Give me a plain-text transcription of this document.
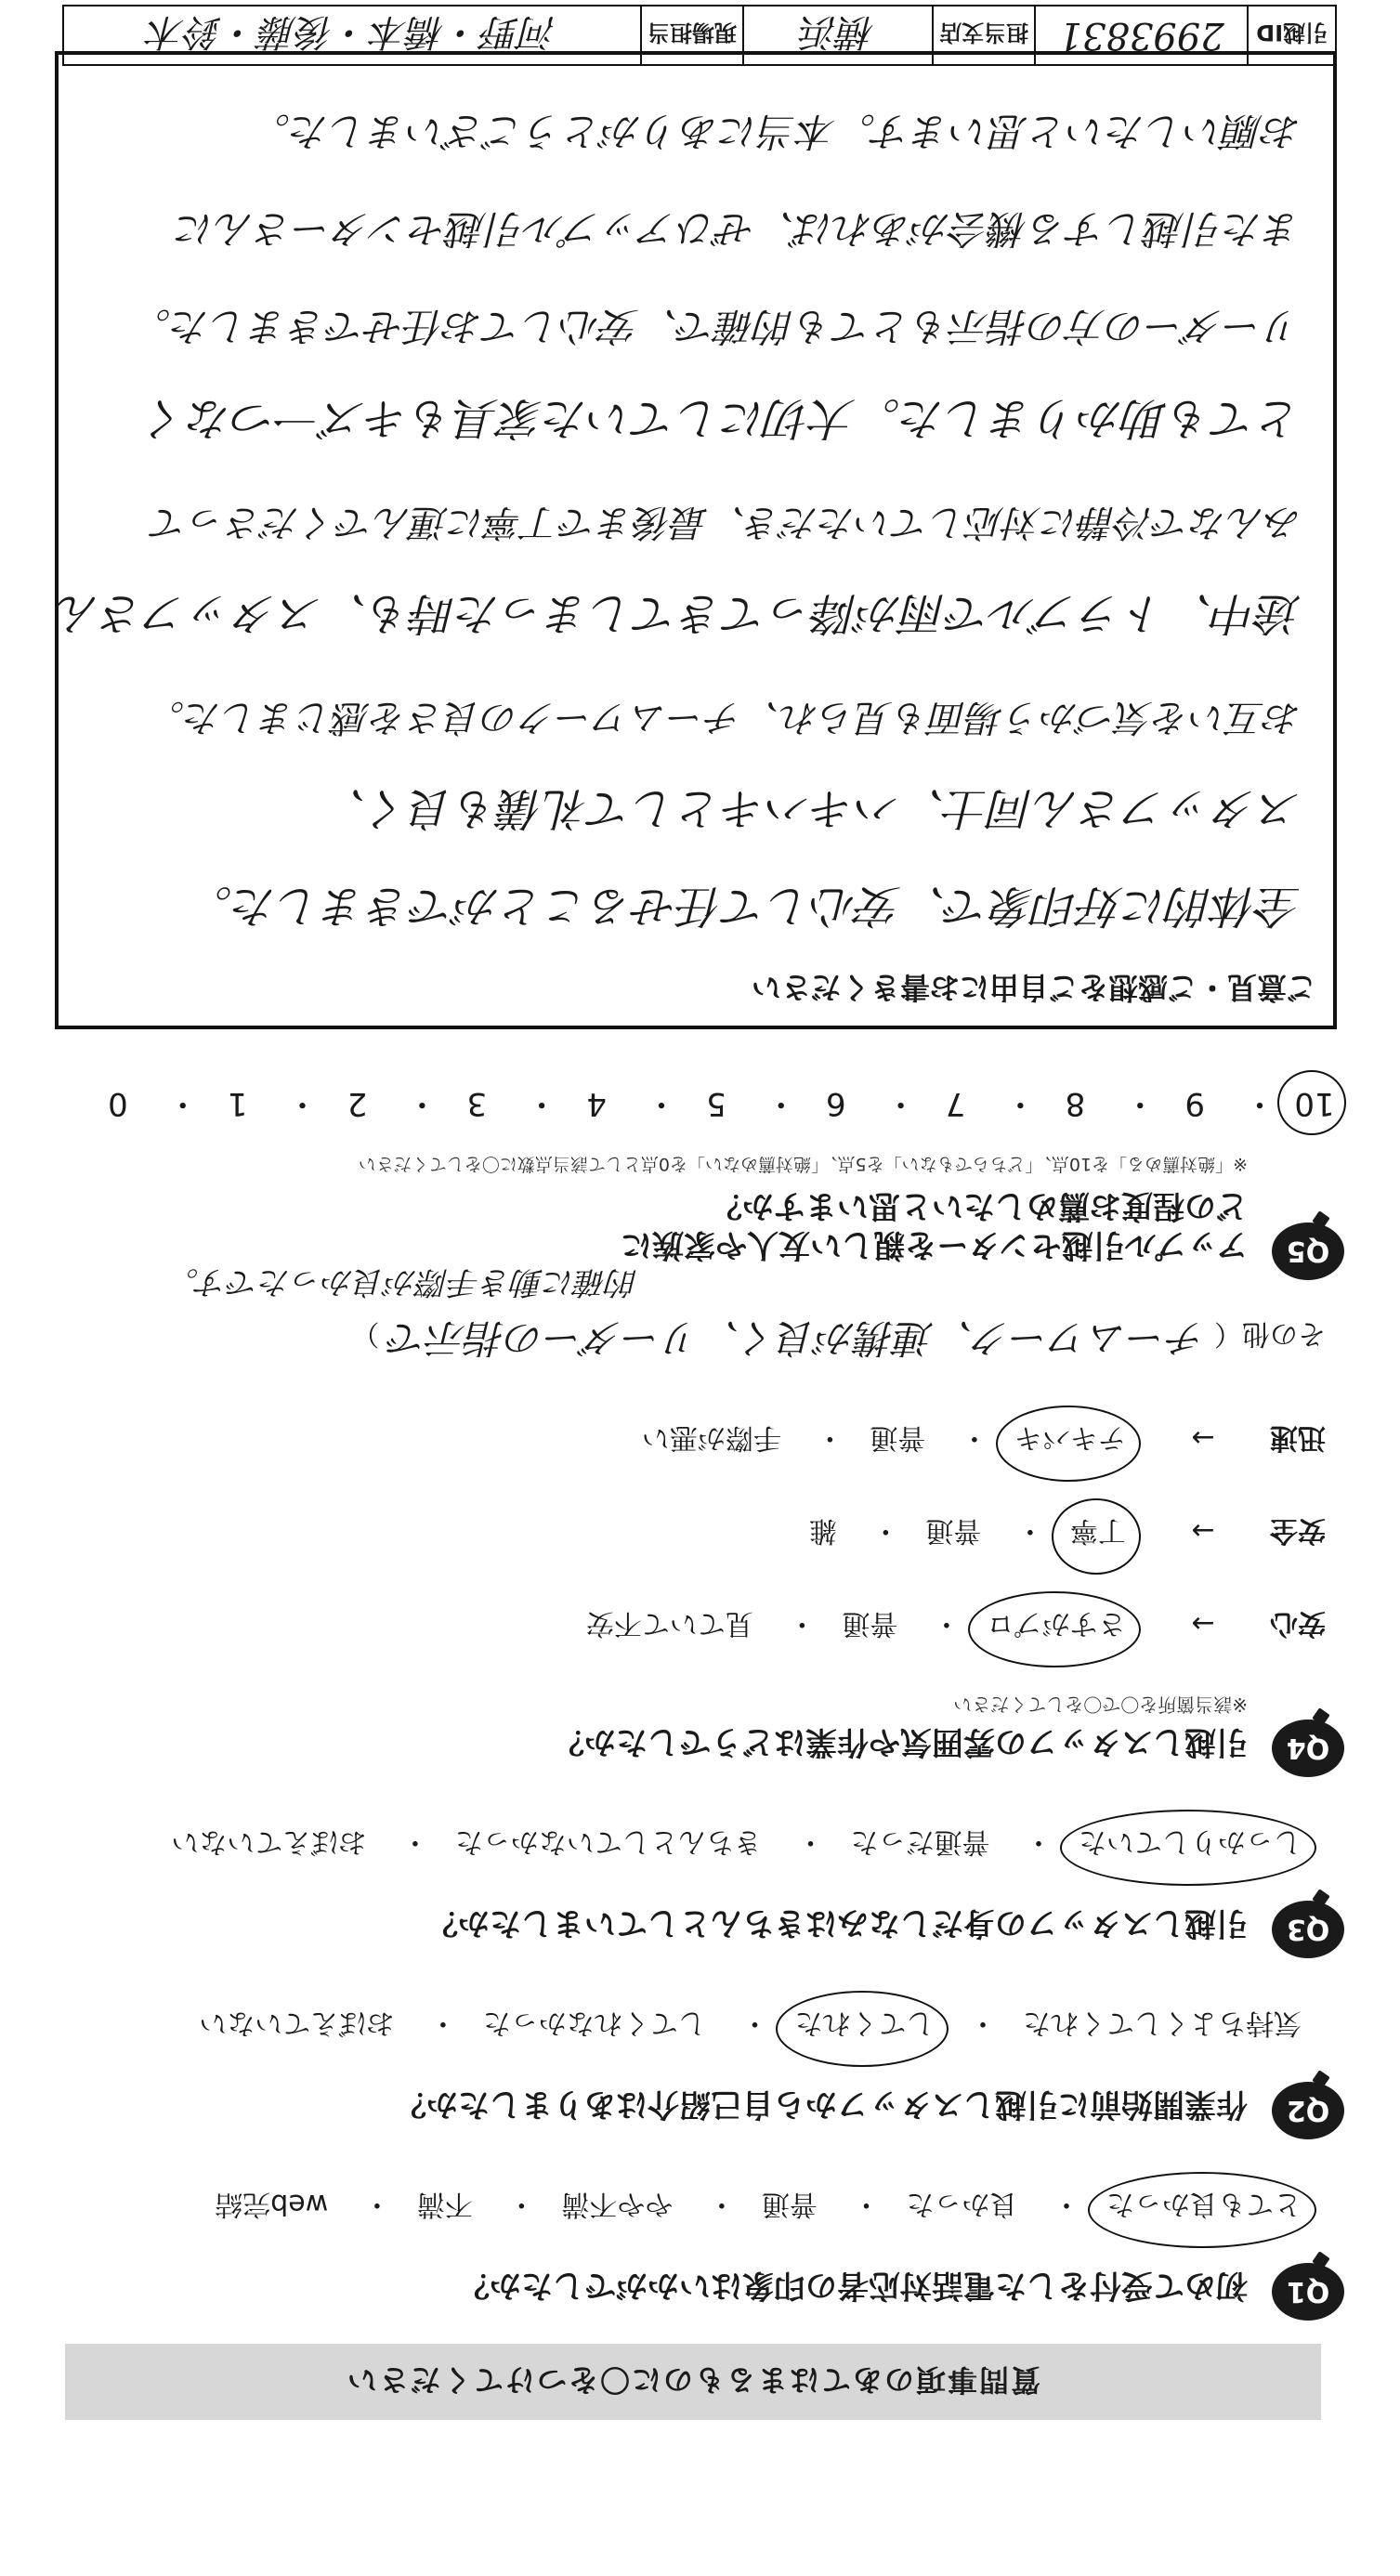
質問事項のあてはまるものに〇をつけてください
Q1
初めて受付をした電話対応者の印象はいかがでしたか？
とても良かった・ 良かった・ 普通・ やや不満・ 不満・ web完結
Q2
作業開始前に引越しスタッフから自己紹介はありましたか？
気持ちよくしてくれた・ してくれた・ してくれなかった・ おぼえていない
Q3
引越しスタッフの身だしなみはきちんとしていましたか？
しっかりしていた・ 普通だった・ きちんとしていなかった・ おぼえていない
Q4
引越しスタッフの雰囲気や作業はどうでしたか？
※該当箇所を〇で〇をしてください
安心 → さすがプロ・ 普通・ 見ていて不安
安全 → 丁寧・ 普通・ 雑
迅速 → テキパキ・ 普通・ 手際が悪い
その他（ チームワーク、連携が良く、リーダーの指示で ）
的確に動き手際が良かったです。
Q5
アップル引越センターを親しい友人や家族に
どの程度お薦めしたいと思いますか？
※「絶対薦める」を10点、「どちらでもない」を5点、「絶対薦めない」を0点として該当点数に〇をしてください
10・ 9・ 8・ 7・ 6・ 5・ 4・ 3・ 2・ 1・ 0
ご意見・ご感想をご自由にお書きください
全体的に好印象で、安心して任せることができました。
スタッフさん同士、ハキハキとして礼儀も良く、
お互いを気づかう場面も見られ、チームワークの良さを感じました。
途中、トラブルで雨が降ってきてしまった時も、スタッフさん
みんなで冷静に対応していただき、最後まで丁寧に運んでくださって
とても助かりました。大切にしていた家具もキズ一つなく
リーダーの方の指示もとても的確で、安心してお任せできました。
また引越しする機会があれば、ぜひアップル引越センターさんに
お願いしたいと思います。本当にありがとうございました。
引越ID
2993831
担当支店
横浜
現場担当
河野・橋本・後藤・鈴木
